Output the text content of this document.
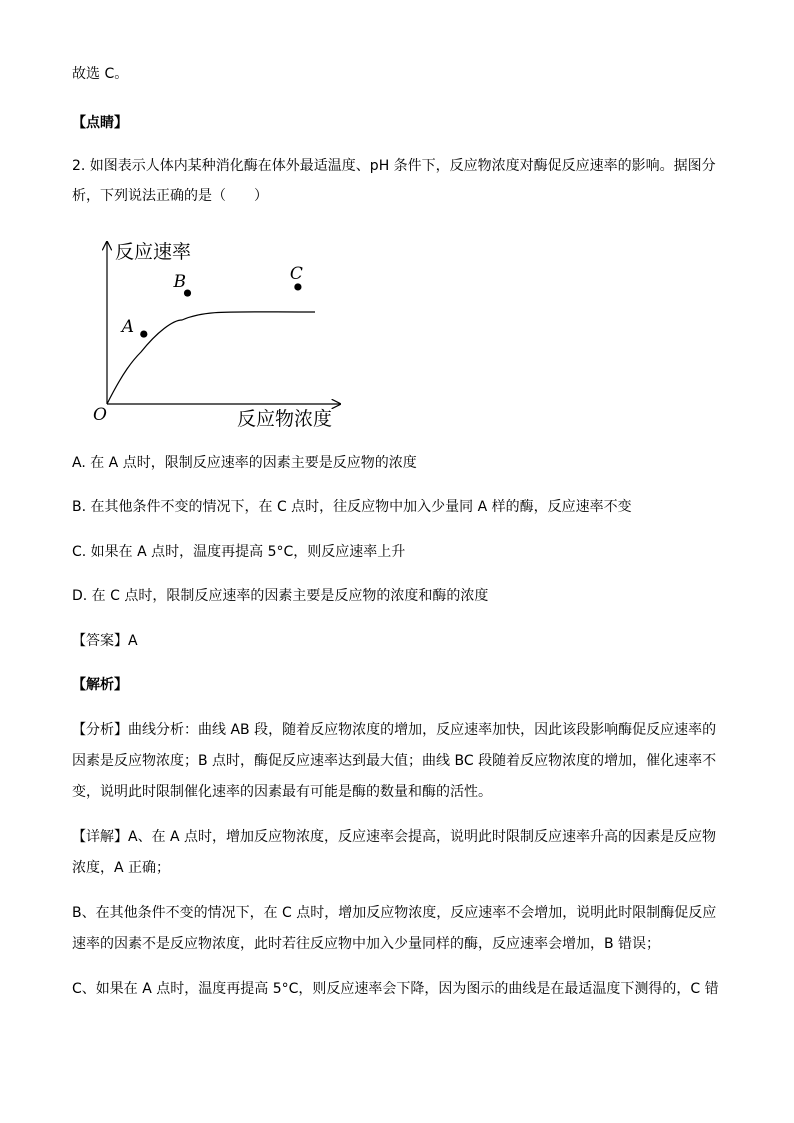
故选 C。
【点睛】
2. 如图表示人体内某种消化酶在体外最适温度、pH 条件下，反应物浓度对酶促反应速率的影响。据图分
析，下列说法正确的是（　　）
反应速率
反应物浓度
O
A
B	C
A. 在 A 点时，限制反应速率的因素主要是反应物的浓度
B. 在其他条件不变的情况下，在 C 点时，往反应物中加入少量同 A 样的酶，反应速率不变
C. 如果在 A 点时，温度再提高 5°C，则反应速率上升
D. 在 C 点时，限制反应速率的因素主要是反应物的浓度和酶的浓度
【答案】A
【解析】
【分析】曲线分析：曲线 AB 段，随着反应物浓度的增加，反应速率加快，因此该段影响酶促反应速率的
因素是反应物浓度；B 点时，酶促反应速率达到最大值；曲线 BC 段随着反应物浓度的增加，催化速率不
变，说明此时限制催化速率的因素最有可能是酶的数量和酶的活性。
【详解】A、在 A 点时，增加反应物浓度，反应速率会提高，说明此时限制反应速率升高的因素是反应物
浓度，A 正确；
B、在其他条件不变的情况下，在 C 点时，增加反应物浓度，反应速率不会增加，说明此时限制酶促反应
速率的因素不是反应物浓度，此时若往反应物中加入少量同样的酶，反应速率会增加，B 错误；
C、如果在 A 点时，温度再提高 5°C，则反应速率会下降，因为图示的曲线是在最适温度下测得的，C 错
